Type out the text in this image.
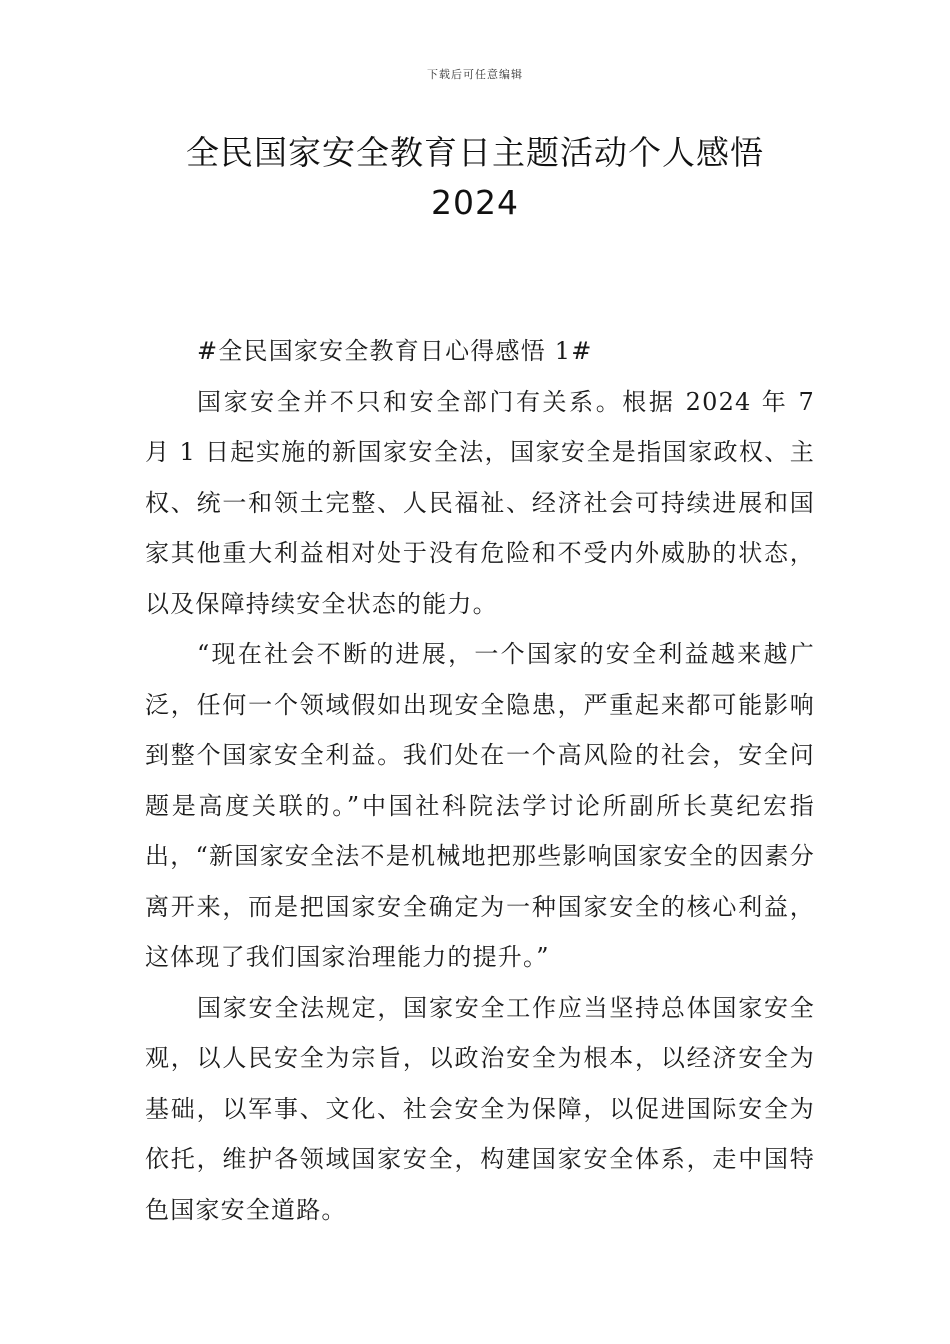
下载后可任意编辑
全民国家安全教育日主题活动个人感悟
2024

#全民国家安全教育日心得感悟 1#

国家安全并不只和安全部门有关系。根据 2024 年 7 月 1 日起实施的新国家安全法，国家安全是指国家政权、主权、统一和领土完整、人民福祉、经济社会可持续进展和国家其他重大利益相对处于没有危险和不受内外威胁的状态，以及保障持续安全状态的能力。

“现在社会不断的进展，一个国家的安全利益越来越广泛，任何一个领域假如出现安全隐患，严重起来都可能影响到整个国家安全利益。我们处在一个高风险的社会，安全问题是高度关联的。”中国社科院法学讨论所副所长莫纪宏指出，“新国家安全法不是机械地把那些影响国家安全的因素分离开来，而是把国家安全确定为一种国家安全的核心利益，这体现了我们国家治理能力的提升。”

国家安全法规定，国家安全工作应当坚持总体国家安全观，以人民安全为宗旨，以政治安全为根本，以经济安全为基础，以军事、文化、社会安全为保障，以促进国际安全为依托，维护各领域国家安全，构建国家安全体系，走中国特色国家安全道路。
